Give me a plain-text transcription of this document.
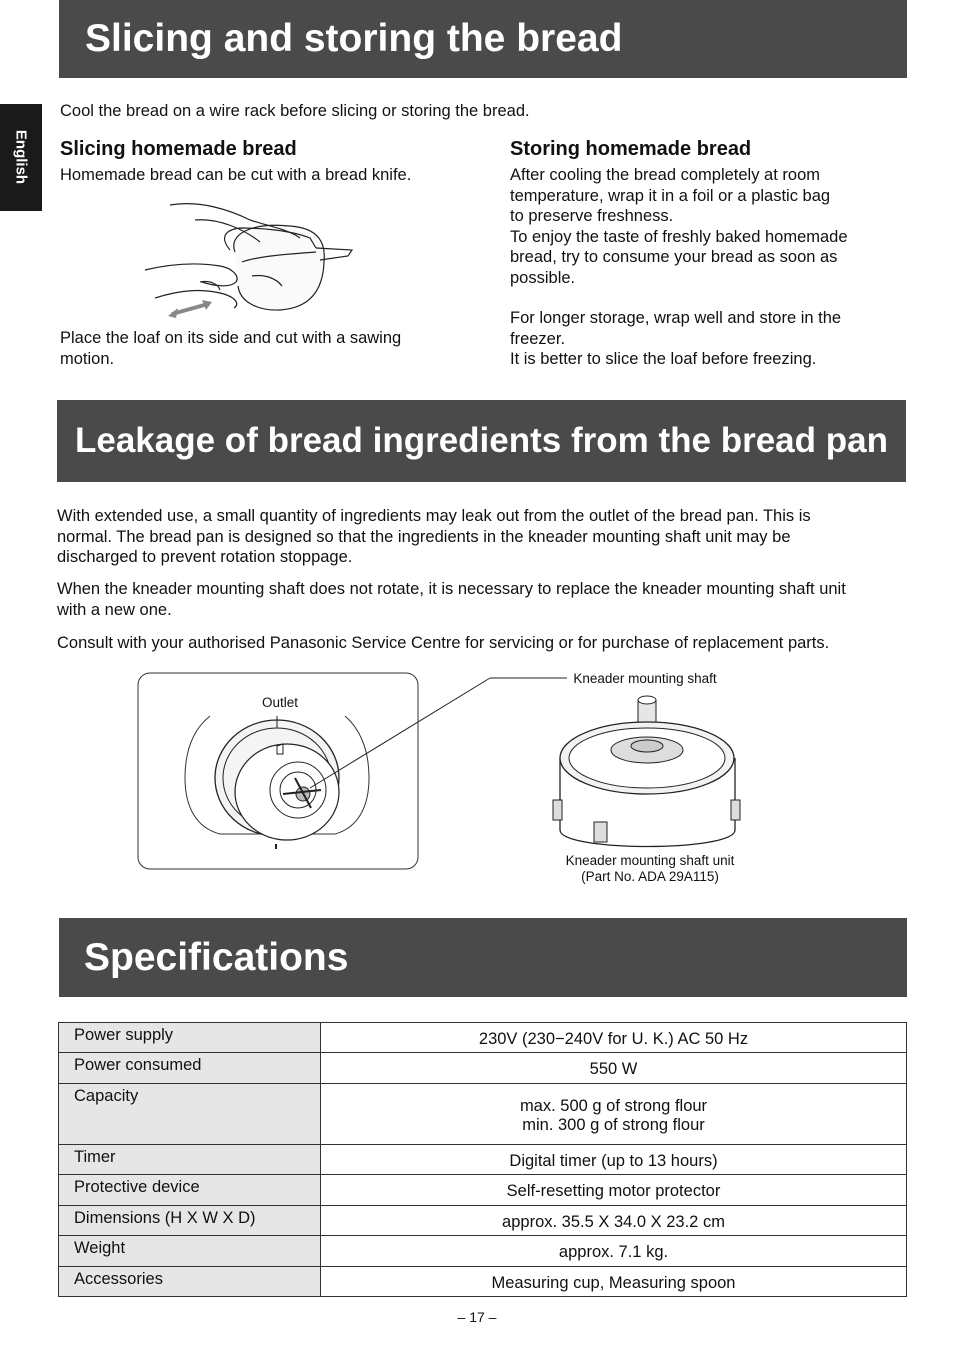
Slicing and storing the bread
English
Cool the bread on a wire rack before slicing or storing the bread.
Slicing homemade bread
Homemade bread can be cut with a bread knife.
Place the loaf on its side and cut with a sawing
motion.
Storing homemade bread
After cooling the bread completely at room
temperature, wrap it in a foil or a plastic bag
to preserve freshness.
To enjoy the taste of freshly baked homemade
bread, try to consume your bread as soon as
possible.
For longer storage, wrap well and store in the
freezer.
It is better to slice the loaf before freezing.
Leakage of bread ingredients from the bread pan
With extended use, a small quantity of ingredients may leak out from the outlet of the bread pan. This is
normal. The bread pan is designed so that the ingredients in the kneader mounting shaft unit may be
discharged to prevent rotation stoppage.
When the kneader mounting shaft does not rotate, it is necessary to replace the kneader mounting shaft unit
with a new one.
Consult with your authorised Panasonic Service Centre for servicing or for purchase of replacement parts.
Outlet
Kneader mounting shaft
Kneader mounting shaft unit
(Part No. ADA 29A115)
Specifications
Power supply	230V (230−240V for U. K.) AC 50 Hz
Power consumed	550 W
Capacity	max. 500 g of strong flour
min. 300 g of strong flour

Timer	Digital timer (up to 13 hours)
Protective device	Self-resetting motor protector
Dimensions (H X W X D)	approx. 35.5 X 34.0 X 23.2 cm
Weight	approx. 7.1 kg.
Accessories	Measuring cup, Measuring spoon
– 17 –
